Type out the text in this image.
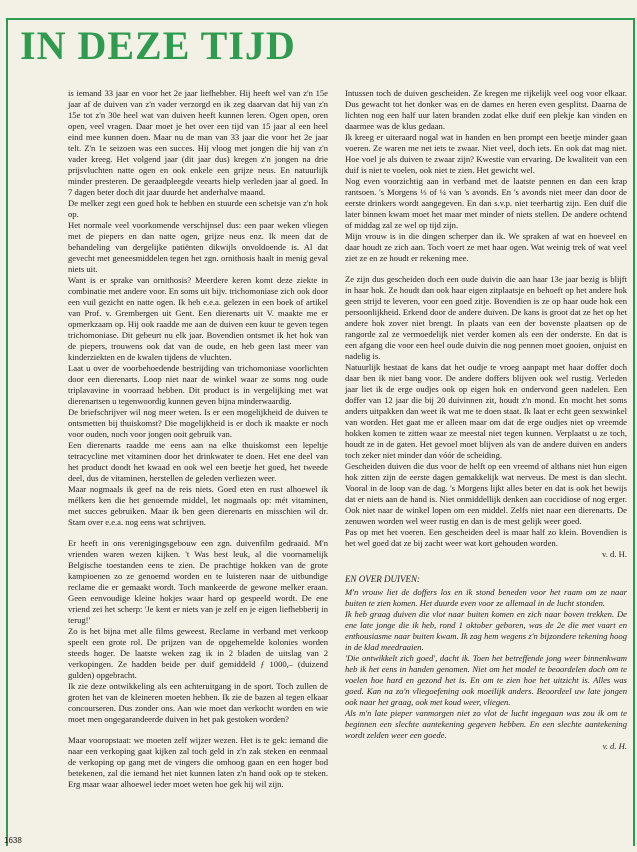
IN DEZE TIJD

is iemand 33 jaar en voor het 2e jaar liefhebber. Hij heeft wel van z'n 15e jaar af de duiven van z'n vader verzorgd en ik zeg daarvan dat hij van z'n 15e tot z'n 30e heel wat van duiven heeft kunnen leren. Ogen open, oren open, veel vragen. Daar moet je het over een tijd van 15 jaar al een heel eind mee kunnen doen. Maar nu de man van 33 jaar die voor het 2e jaar telt. Z'n 1e seizoen was een succes. Hij vloog met jongen die hij van z'n vader kreeg. Het volgend jaar (dit jaar dus) kregen z'n jongen na drie prijsvluchten natte ogen en ook enkele een grijze neus. En natuurlijk minder presteren. De geraadpleegde veearts hielp verleden jaar al goed. In 7 dagen beter doch dit jaar duurde het anderhalve maand.

De melker zegt een goed hok te hebben en stuurde een schetsje van z'n hok op.

Het normale veel voorkomende verschijnsel dus: een paar weken vliegen met de piepers en dan natte ogen, grijze neus enz. Ik meen dat de behandeling van dergelijke patiënten dikwijls onvoldoende is. Al dat gevecht met geneesmiddelen tegen het zgn. ornithosis haalt in menig geval niets uit.

Want is er sprake van ornithosis? Meerdere keren komt deze ziekte in combinatie met andere voor. En soms uit bijv. trichomoniase zich ook door een vuil gezicht en natte ogen. Ik heb e.e.a. gelezen in een boek of artikel van Prof. v. Grembergen uit Gent. Een dierenarts uit V. maakte me er opmerkzaam op. Hij ook raadde me aan de duiven een kuur te geven tegen trichomoniase. Dit gebeurt nu elk jaar. Bovendien ontsmet ik het hok van de piepers, trouwens ook dat van de oude, en heb geen last meer van kinderziekten en de kwalen tijdens de vluchten.

Laat u over de voorbehoedende bestrijding van trichomoniase voorlichten door een dierenarts. Loop niet naar de winkel waar ze soms nog oude triplavavine in voorraad hebben. Dit product is in vergelijking met wat dierenartsen u tegenwoordig kunnen geven bijna minderwaardig.

De briefschrijver wil nog meer weten. Is er een mogelijkheid de duiven te ontsmetten bij thuiskomst? Die mogelijkheid is er doch ik maakte er noch voor ouden, noch voor jongen ooit gebruik van.

Een dierenarts raadde me eens aan na elke thuiskomst een lepeltje tetracycline met vitaminen door het drinkwater te doen. Het ene deel van het product doodt het kwaad en ook wel een beetje het goed, het tweede deel, dus de vitaminen, herstellen de geleden verliezen weer.

Maar nogmaals ik geef na de reis niets. Goed eten en rust alhoewel ik mélkers ken die het genoemde middel, let nogmaals op: mét vitaminen, met succes gebruiken. Maar ik ben geen dierenarts en misschien wil dr. Stam over e.e.a. nog eens wat schrijven.

Er heeft in ons verenigingsgebouw een zgn. duivenfilm gedraaid. M'n vrienden waren wezen kijken. 't Was best leuk, al die voornamelijk Belgische toestanden eens te zien. De prachtige hokken van de grote kampioenen zo ze genoemd worden en te luisteren naar de uitbundige reclame die er gemaakt wordt. Toch mankeerde de gewone melker eraan. Geen eenvoudige kleine hokjes waar hard op gespeeld wordt. De ene vriend zei het scherp: 'Je kent er niets van je zelf en je eigen liefhebberij in terug!'

Zo is het bijna met alle films geweest. Reclame in verband met verkoop speelt een grote rol. De prijzen van de opgehemelde kolonies worden steeds hoger. De laatste weken zag ik in 2 bladen de uitslag van 2 verkopingen. Ze hadden beide per duif gemiddeld ƒ 1000,– (duizend gulden) opgebracht.

Ik zie deze ontwikkeling als een achteruitgang in de sport. Toch zullen de groten het van de kleineren moeten hebben. Ik zie de bazen al tegen elkaar concourseren. Dus zonder ons. Aan wie moet dan verkocht worden en wie moet men ongegarandeerde duiven in het pak gestoken worden?

Maar vooropstaat: we moeten zelf wijzer wezen. Het is te gek: iemand die naar een verkoping gaat kijken zal toch geld in z'n zak steken en eenmaal de verkoping op gang met de vingers die omhoog gaan en een hoger bod betekenen, zal die iemand het niet kunnen laten z'n hand ook op te steken. Erg maar waar alhoewel ieder moet weten hoe gek hij wil zijn.

Intussen toch de duiven gescheiden. Ze kregen me rijkelijk veel oog voor elkaar. Dus gewacht tot het donker was en de dames en heren even gesplitst. Daarna de lichten nog een half uur laten branden zodat elke duif een plekje kan vinden en daarmee was de klus gedaan.

Ik kreeg er uiteraard nogal wat in handen en ben prompt een beetje minder gaan voeren. Ze waren me net iets te zwaar. Niet veel, doch iets. En ook dat mag niet. Hoe voel je als duiven te zwaar zijn? Kwestie van ervaring. De kwaliteit van een duif is niet te voelen, ook niet te zien. Het gewicht wel.

Nog even voorzichtig aan in verband met de laatste pennen en dan een krap rantsoen. 's Morgens ⅓ of ¼ van 's avonds. En 's avonds niet meer dan door de eerste drinkers wordt aangegeven. En dan s.v.p. niet teerhartig zijn. Een duif die later binnen kwam moet het maar met minder of niets stellen. De andere ochtend of middag zal ze wel op tijd zijn.

Mijn vrouw is in die dingen scherper dan ik. We spraken af wat en hoeveel en daar houdt ze zich aan. Toch voert ze met haar ogen. Wat weinig trek of wat veel ziet ze en ze houdt er rekening mee.

Ze zijn dus gescheiden doch een oude duivin die aan haar 13e jaar bezig is blijft in haar hok. Ze houdt dan ook haar eigen zitplaatsje en behoeft op het andere hok geen strijd te leveren, voor een goed zitje. Bovendien is ze op haar oude hok een persoonlijkheid. Erkend door de andere duiven. De kans is groot dat ze het op het andere hok zover niet brengt. In plaats van een der bovenste plaatsen op de rangorde zal ze vermoedelijk niet verder komen als een der onderste. En dat is een afgang die voor een heel oude duivin die nog pennen moet gooien, onjuist en nadelig is.

Natuurlijk bestaat de kans dat het oudje te vroeg aanpapt met haar doffer doch daar ben ik niet bang voor. De andere doffers blijven ook wel rustig. Verleden jaar liet ik de erge oudjes ook op eigen hok en ondervond geen nadelen. Een doffer van 12 jaar die bij 20 duivinnen zit, houdt z'n mond. En mocht het soms anders uitpakken dan weet ik wat me te doen staat. Ik laat er echt geen sexwinkel van worden. Het gaat me er alleen maar om dat de erge oudjes niet op vreemde hokken komen te zitten waar ze meestal niet tegen kunnen. Verplaatst u ze toch, houdt ze in de gaten. Het gevoel moet blijven als van de andere duiven en anders toch zeker niet minder dan vóór de scheiding.

Gescheiden duiven die dus voor de helft op een vreemd of althans niet hun eigen hok zitten zijn de eerste dagen gemakkelijk wat nerveus. De mest is dan slecht. Vooral in de loop van de dag. 's Morgens lijkt alles beter en dat is ook het bewijs dat er niets aan de hand is. Niet onmiddellijk denken aan coccidiose of nog erger. Ook niet naar de winkel lopen om een middel. Zelfs niet naar een dierenarts. De zenuwen worden wel weer rustig en dan is de mest gelijk weer goed.

Pas op met het voeren. Een gescheiden deel is maar half zo klein. Bovendien is het wel goed dat ze bij zacht weer wat kort gehouden worden.

v. d. H.

EN OVER DUIVEN:

M'n vrouw liet de doffers los en ik stond beneden voor het raam om ze naar buiten te zien komen. Het duurde even voor ze allemaal in de lucht stonden.

Ik heb graag duiven die vlot naar buiten komen en zich naar boven trekken. De ene late jonge die ik heb, rond 1 oktober geboren, was de 2e die met vaart en enthousiasme naar buiten kwam. Ik zag hem wegens z'n bijzondere tekening hoog in de klad meedraaien.

'Die ontwikkelt zich goed', dacht ik. Toen het betreffende jong weer binnenkwam heb ik het eens in handen genomen. Niet om het model te beoordelen doch om te voelen hoe hard en gezond het is. En om te zien hoe het uitzicht is. Alles was goed. Kan na zo'n vliegoefening ook moeilijk anders. Beoordeel uw late jongen ook naar het graag, ook met koud weer, vliegen.

Als m'n late pieper vanmorgen niet zo vlot de lucht ingegaan was zou ik om te beginnen een slechte aantekening gegeven hebben. En een slechte aantekening wordt zelden weer een goede.

v. d. H.

1638
